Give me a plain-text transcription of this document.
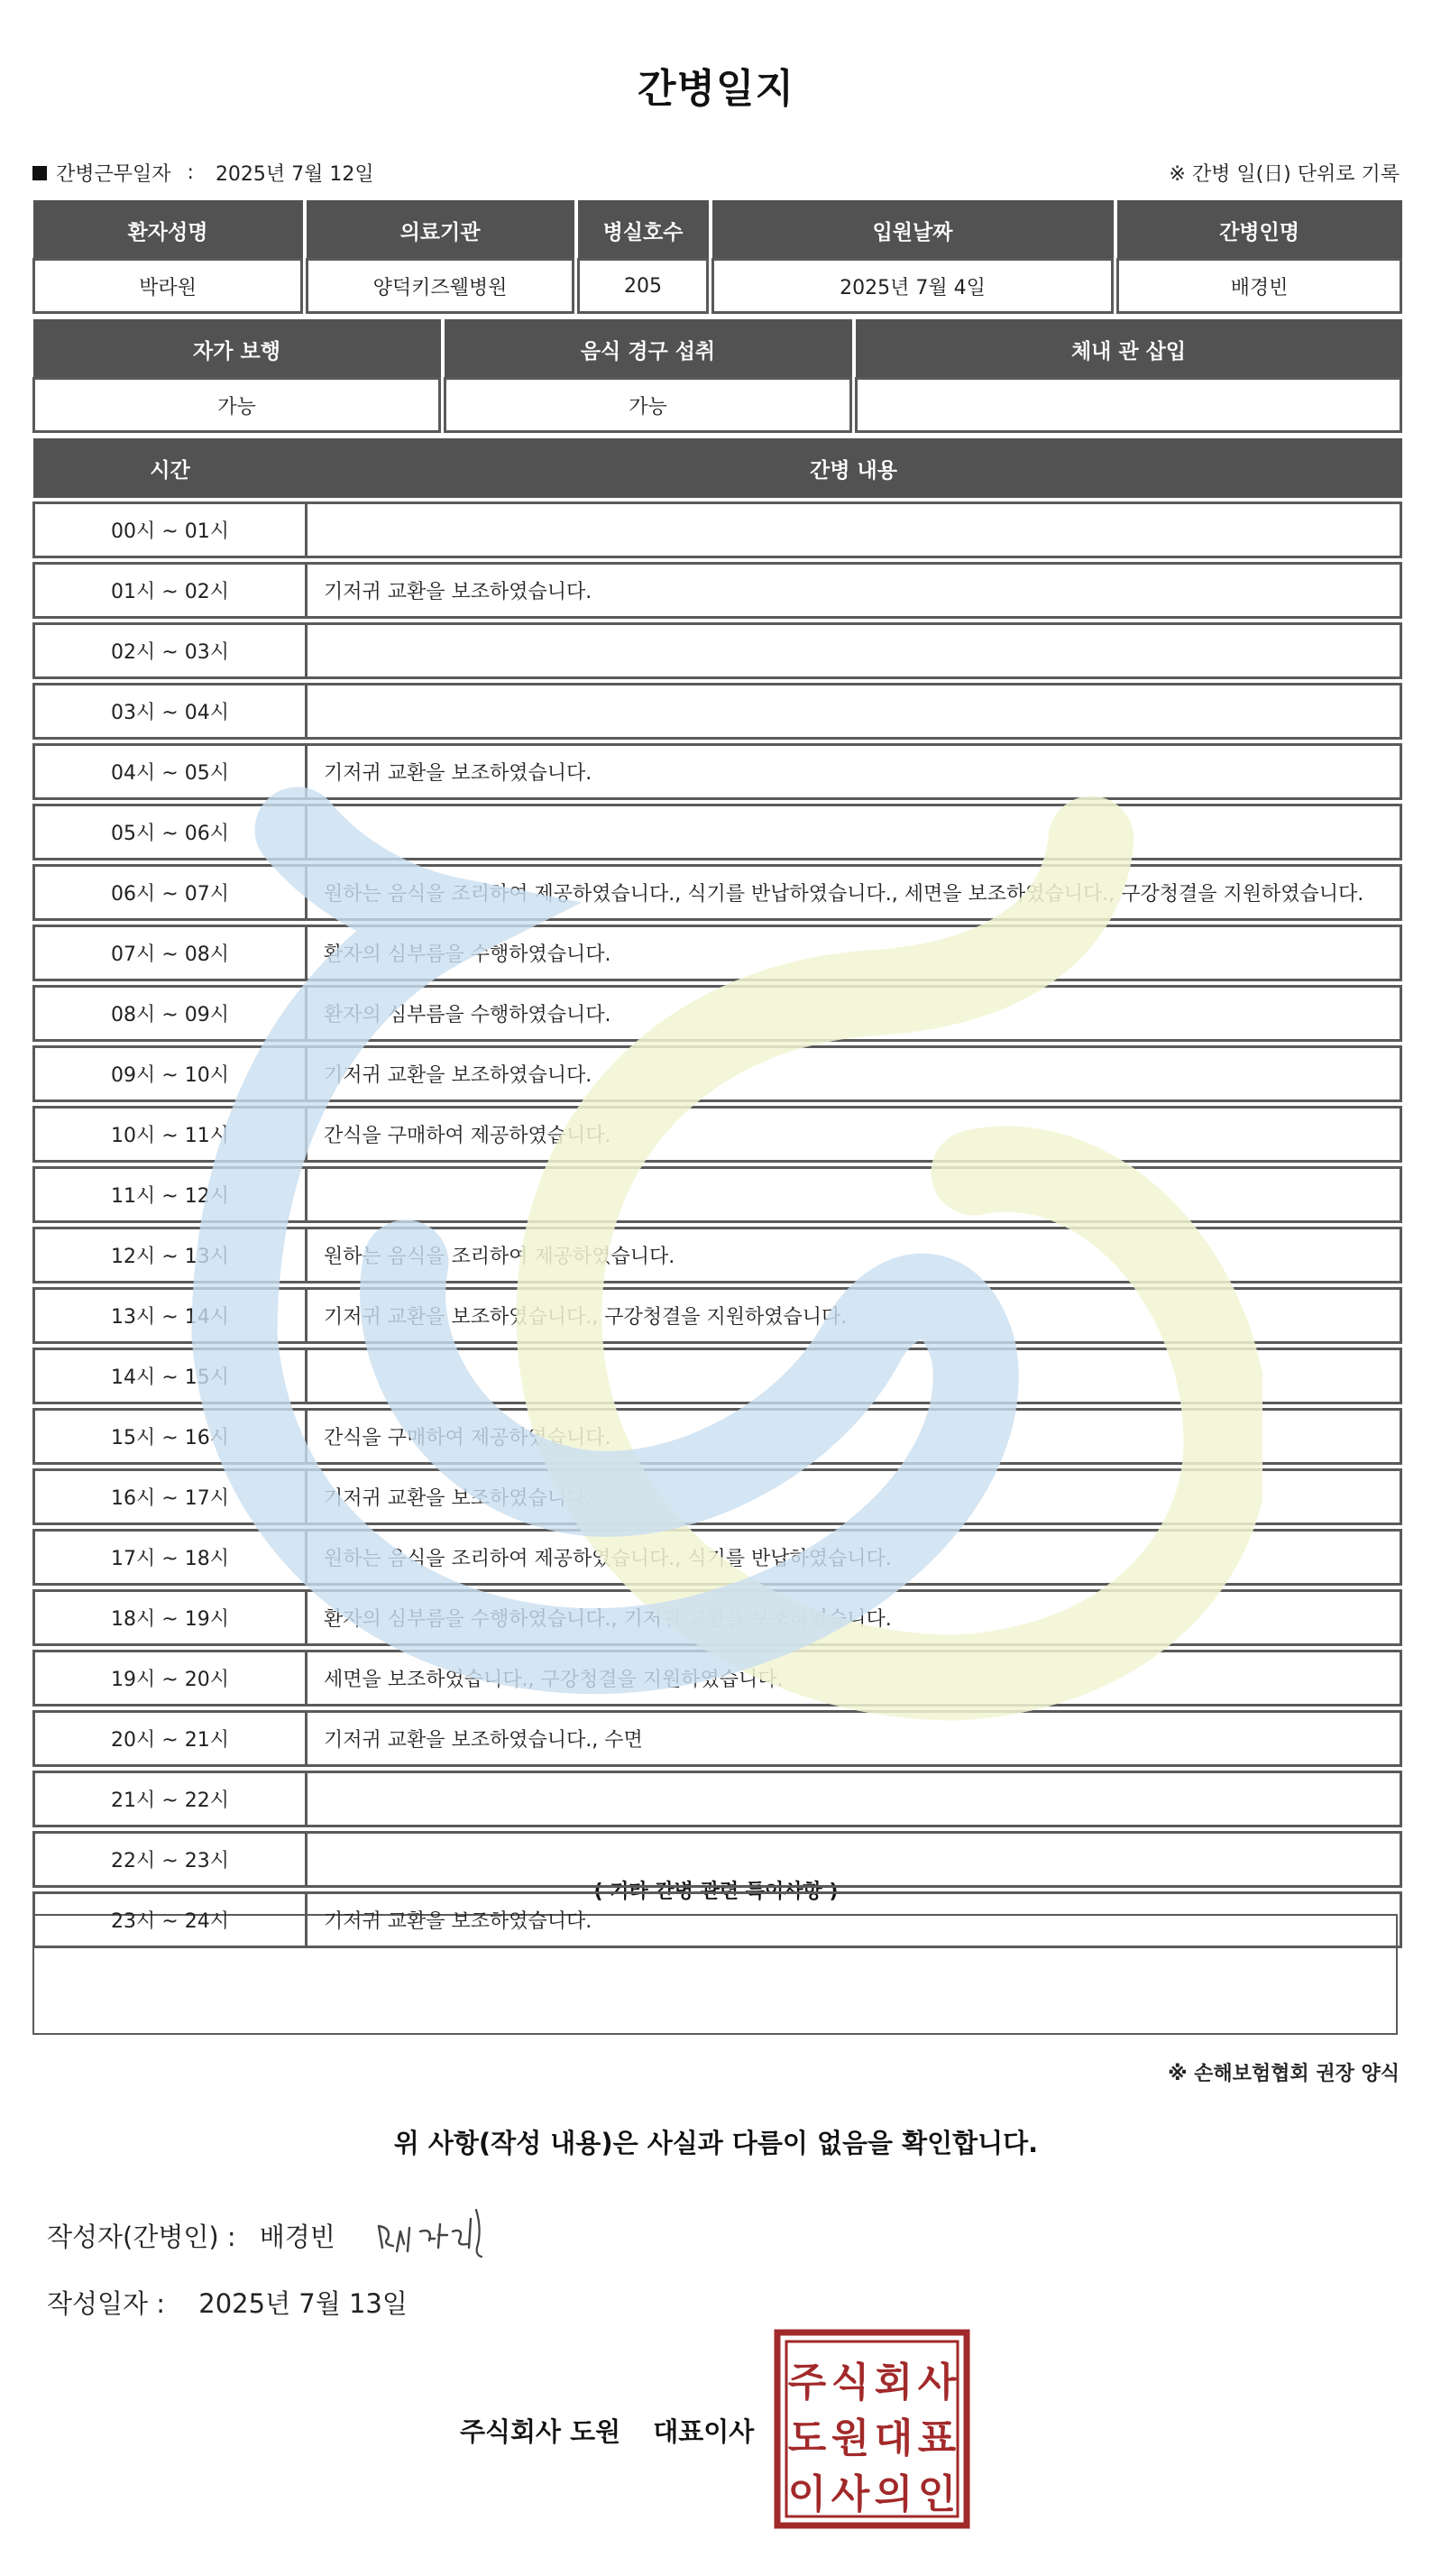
간병일지
간병근무일자 : 2025년 7월 12일	※ 간병 일(日) 단위로 기록
환자성명		의료기관		병실호수		입원날짜		간병인명
박라원		양덕키즈웰병원		205		2025년 7월 4일		배경빈
자가 보행		음식 경구 섭취		체내 관 삽입
가능		가능		
시간	간병 내용

00시 ~ 01시	

01시 ~ 02시	기저귀 교환을 보조하였습니다.

02시 ~ 03시	

03시 ~ 04시	

04시 ~ 05시	기저귀 교환을 보조하였습니다.

05시 ~ 06시	

06시 ~ 07시	원하는 음식을 조리하여 제공하였습니다., 식기를 반납하였습니다., 세면을 보조하였습니다., 구강청결을 지원하였습니다.

07시 ~ 08시	환자의 심부름을 수행하였습니다.

08시 ~ 09시	환자의 심부름을 수행하였습니다.

09시 ~ 10시	기저귀 교환을 보조하였습니다.

10시 ~ 11시	간식을 구매하여 제공하였습니다.

11시 ~ 12시	

12시 ~ 13시	원하는 음식을 조리하여 제공하였습니다.

13시 ~ 14시	기저귀 교환을 보조하였습니다., 구강청결을 지원하였습니다.

14시 ~ 15시	

15시 ~ 16시	간식을 구매하여 제공하였습니다.

16시 ~ 17시	기저귀 교환을 보조하였습니다.

17시 ~ 18시	원하는 음식을 조리하여 제공하였습니다., 식기를 반납하였습니다.

18시 ~ 19시	환자의 심부름을 수행하였습니다., 기저귀 교환을 보조하였습니다.

19시 ~ 20시	세면을 보조하였습니다., 구강청결을 지원하였습니다.

20시 ~ 21시	기저귀 교환을 보조하였습니다., 수면

21시 ~ 22시	

22시 ~ 23시	

23시 ~ 24시	기저귀 교환을 보조하였습니다.
( 기타 간병 관련 특이사항 )
※ 손해보험협회 권장 양식
위 사항(작성 내용)은 사실과 다름이 없음을 확인합니다.
작성자(간병인) : 배경빈
작성일자 : 2025년 7월 13일
주식회사 도원 대표이사
주 식 회 사
도 원 대 표
이 사 의 인
